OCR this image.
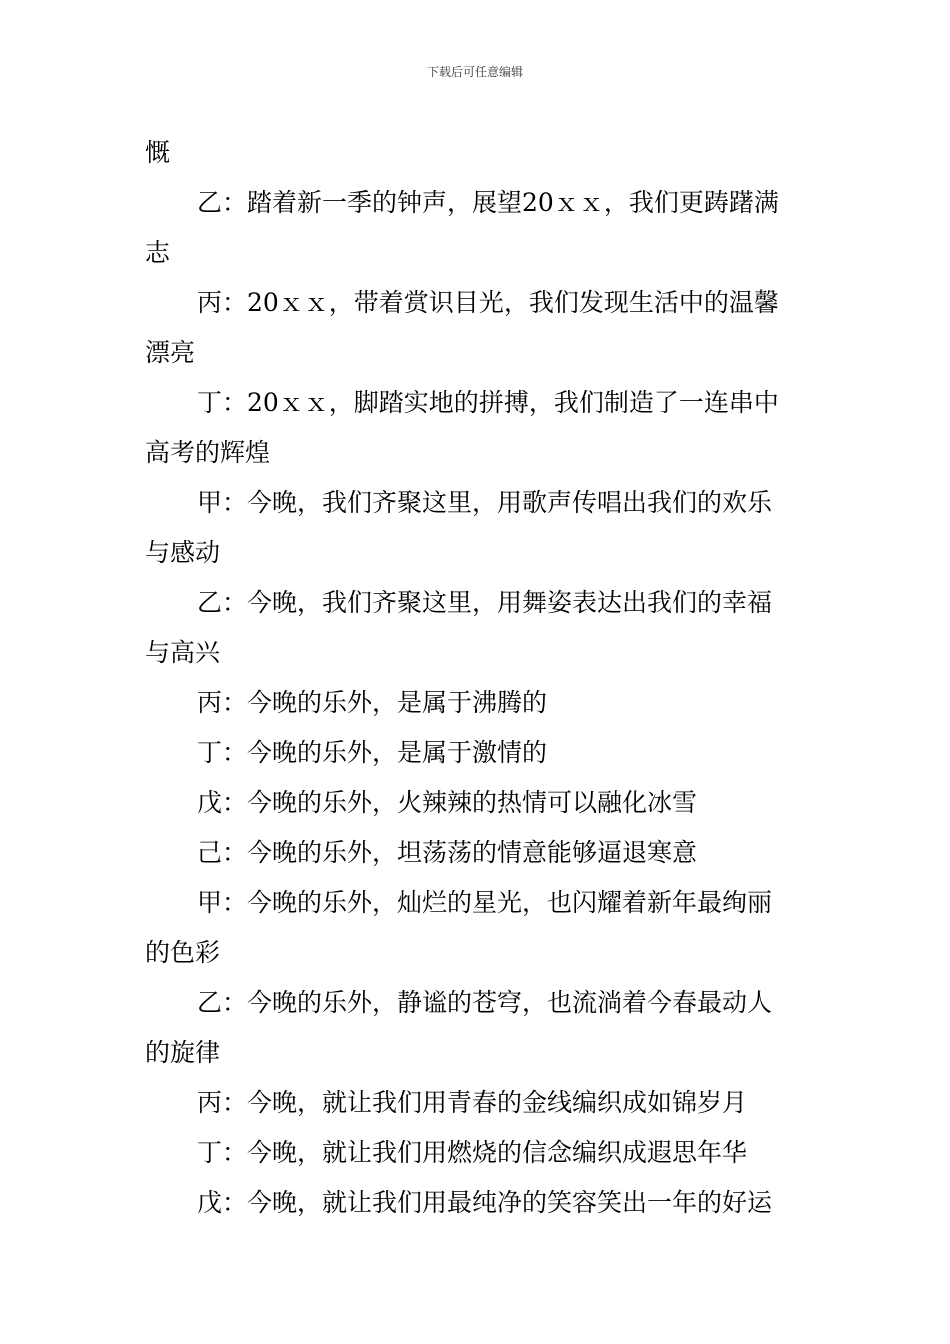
下载后可任意编辑
慨
乙：踏着新一季的钟声，展望20ｘｘ，我们更踌躇满
志
丙：20ｘｘ，带着赏识目光，我们发现生活中的温馨
漂亮
丁：20ｘｘ，脚踏实地的拼搏，我们制造了一连串中
高考的辉煌
甲：今晚，我们齐聚这里，用歌声传唱出我们的欢乐
与感动
乙：今晚，我们齐聚这里，用舞姿表达出我们的幸福
与高兴
丙：今晚的乐外，是属于沸腾的
丁：今晚的乐外，是属于激情的
戊：今晚的乐外，火辣辣的热情可以融化冰雪
己：今晚的乐外，坦荡荡的情意能够逼退寒意
甲：今晚的乐外，灿烂的星光，也闪耀着新年最绚丽
的色彩
乙：今晚的乐外，静谧的苍穹，也流淌着今春最动人
的旋律
丙：今晚，就让我们用青春的金线编织成如锦岁月
丁：今晚，就让我们用燃烧的信念编织成遐思年华
戊：今晚，就让我们用最纯净的笑容笑出一年的好运
